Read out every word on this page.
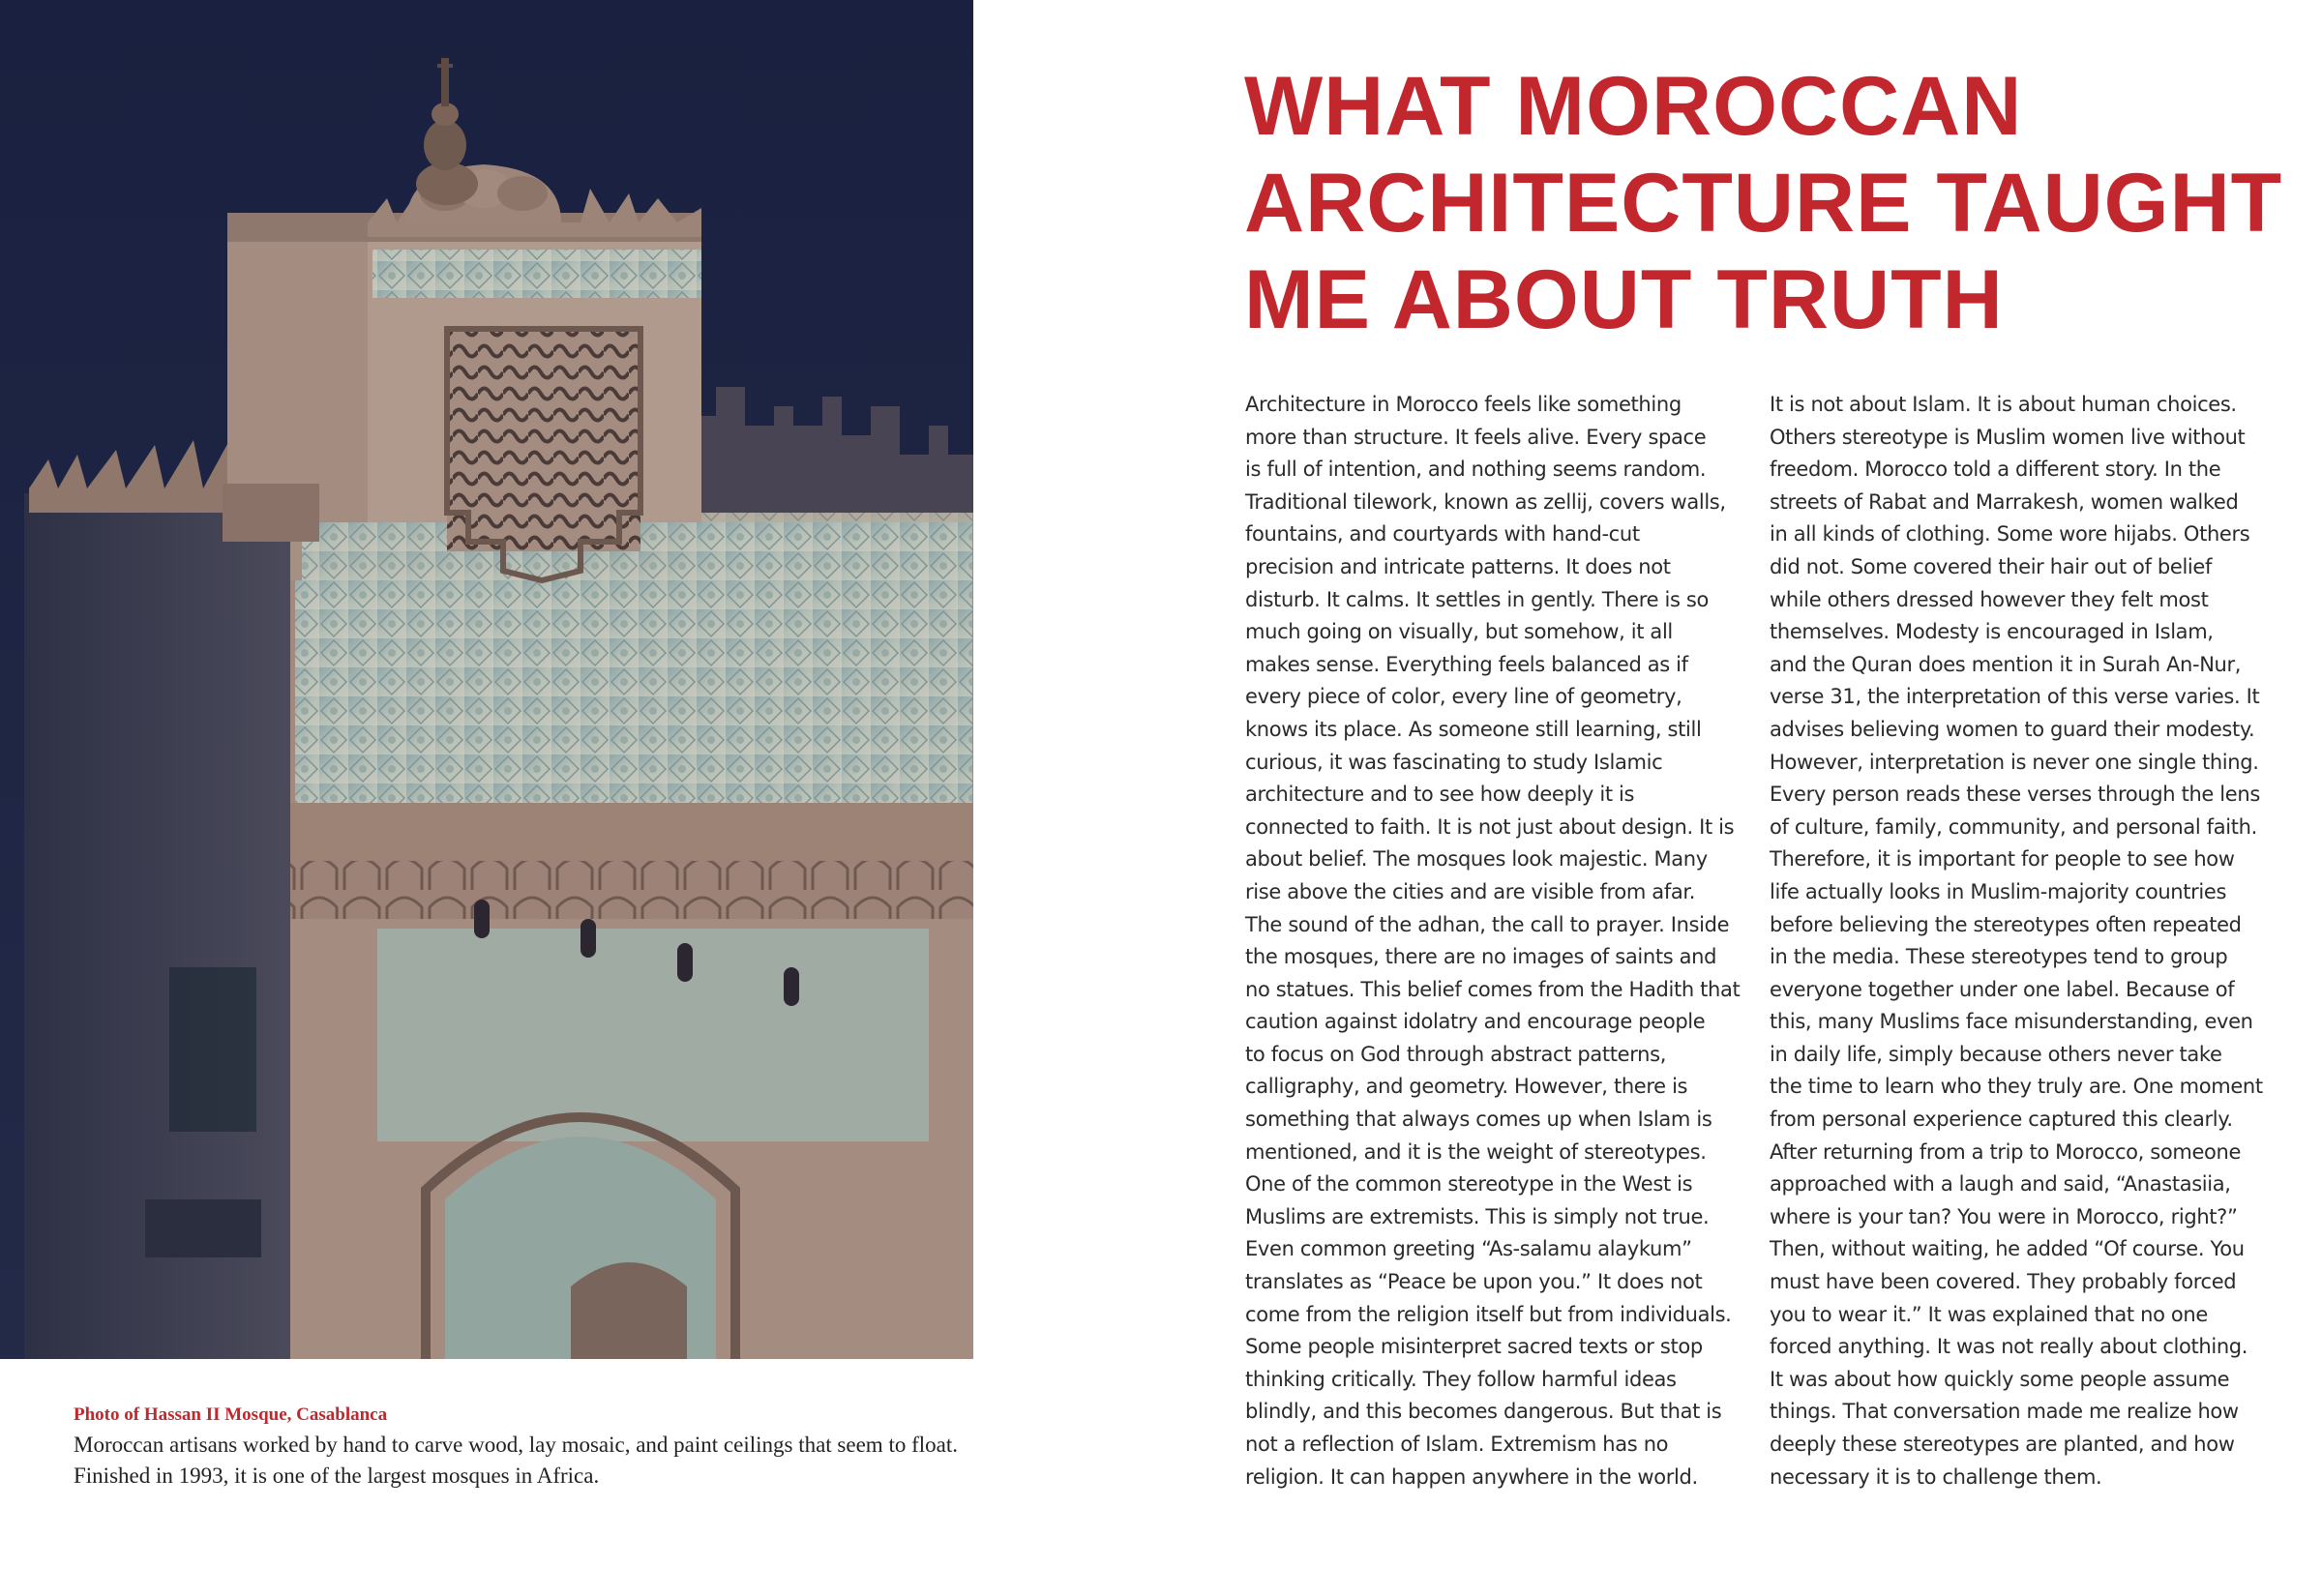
Photo of Hassan II Mosque, Casablanca
Moroccan artisans worked by hand to carve wood, lay mosaic, and paint ceilings that seem to float. Finished in 1993, it is one of the largest mosques in Africa.
WHAT MOROCCAN
ARCHITECTURE TAUGHT
ME ABOUT TRUTH
Architecture in Morocco feels like something
more than structure. It feels alive. Every space
is full of intention, and nothing seems random.
Traditional tilework, known as zellij, covers walls,
fountains, and courtyards with hand-cut
precision and intricate patterns. It does not
disturb. It calms. It settles in gently. There is so
much going on visually, but somehow, it all
makes sense. Everything feels balanced as if
every piece of color, every line of geometry,
knows its place. As someone still learning, still
curious, it was fascinating to study Islamic
architecture and to see how deeply it is
connected to faith. It is not just about design. It is
about belief. The mosques look majestic. Many
rise above the cities and are visible from afar.
The sound of the adhan, the call to prayer. Inside
the mosques, there are no images of saints and
no statues. This belief comes from the Hadith that
caution against idolatry and encourage people
to focus on God through abstract patterns,
calligraphy, and geometry. However, there is
something that always comes up when Islam is
mentioned, and it is the weight of stereotypes.
One of the common stereotype in the West is
Muslims are extremists. This is simply not true.
Even common greeting “As-salamu alaykum”
translates as “Peace be upon you.” It does not
come from the religion itself but from individuals.
Some people misinterpret sacred texts or stop
thinking critically. They follow harmful ideas
blindly, and this becomes dangerous. But that is
not a reflection of Islam. Extremism has no
religion. It can happen anywhere in the world.
It is not about Islam. It is about human choices.
Others stereotype is Muslim women live without
freedom. Morocco told a different story. In the
streets of Rabat and Marrakesh, women walked
in all kinds of clothing. Some wore hijabs. Others
did not. Some covered their hair out of belief
while others dressed however they felt most
themselves. Modesty is encouraged in Islam,
and the Quran does mention it in Surah An-Nur,
verse 31, the interpretation of this verse varies. It
advises believing women to guard their modesty.
However, interpretation is never one single thing.
Every person reads these verses through the lens
of culture, family, community, and personal faith.
Therefore, it is important for people to see how
life actually looks in Muslim-majority countries
before believing the stereotypes often repeated
in the media. These stereotypes tend to group
everyone together under one label. Because of
this, many Muslims face misunderstanding, even
in daily life, simply because others never take
the time to learn who they truly are. One moment
from personal experience captured this clearly.
After returning from a trip to Morocco, someone
approached with a laugh and said, “Anastasiia,
where is your tan? You were in Morocco, right?”
Then, without waiting, he added “Of course. You
must have been covered. They probably forced
you to wear it.” It was explained that no one
forced anything. It was not really about clothing.
It was about how quickly some people assume
things. That conversation made me realize how
deeply these stereotypes are planted, and how
necessary it is to challenge them.
